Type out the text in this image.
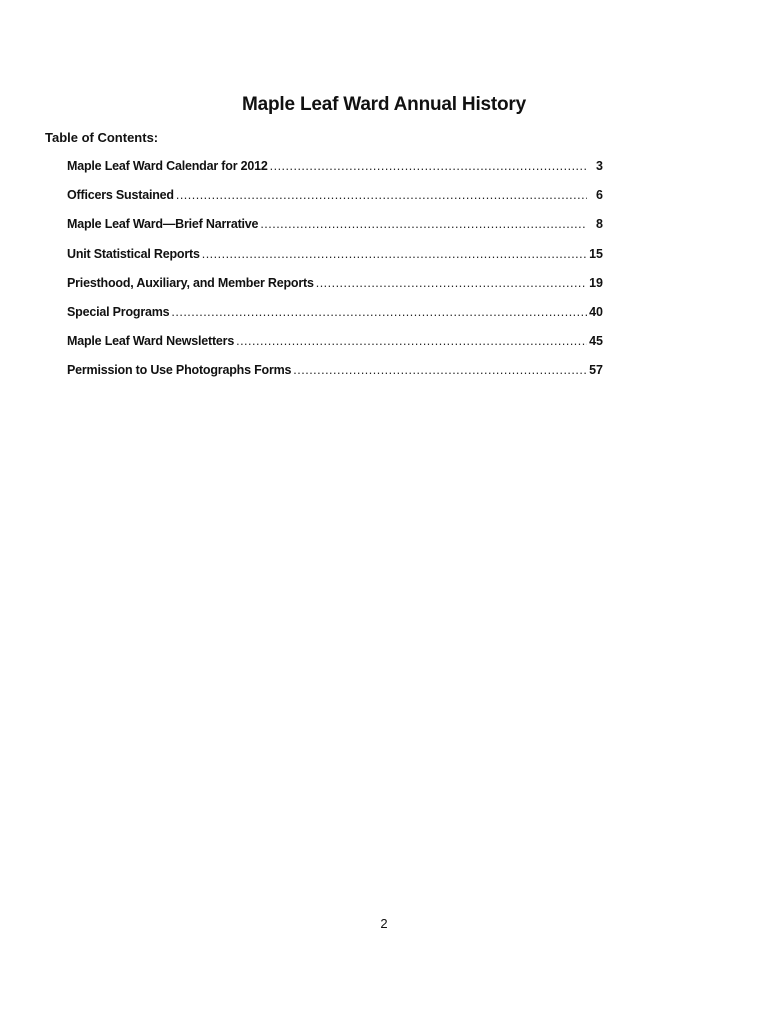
Maple Leaf Ward Annual History

Table of Contents:

Maple Leaf Ward Calendar for 2012 .....	3
Officers Sustained .....	6
Maple Leaf Ward—Brief Narrative .....	8
Unit Statistical Reports .....	15
Priesthood, Auxiliary, and Member Reports .....	19
Special Programs .....	40
Maple Leaf Ward Newsletters .....	45
Permission to Use Photographs Forms .....	57

2
